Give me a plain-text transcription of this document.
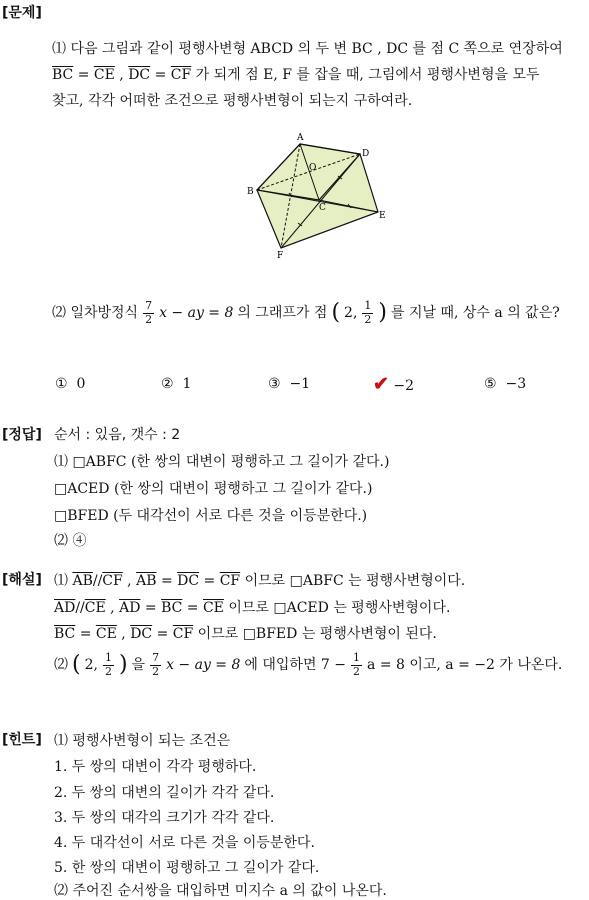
[문제]
⑴ 다음 그림과 같이 평행사변형 ABCD 의 두 변 BC , DC 를 점 C 쪽으로 연장하여
$\overline{BC} = \overline{CE}$ , $\overline{DC} = \overline{CF}$ 가 되게 점 E, F 를 잡을 때, 그림에서 평행사변형을 모두
찾고, 각각 어떠한 조건으로 평행사변형이 되는지 구하여라.
A
D
B
C
E
F
O
⑵ 일차방정식 $\frac{7}{2}$ x − ay = 8 의 그래프가 점 ( 2, $\frac{1}{2}$ ) 를 지날 때, 상수 a 의 값은?
① 0	② 1	③ −1	✔ −2	⑤ −3
[정답] 순서 : 있음, 갯수 : 2
⑴ □ABFC (한 쌍의 대변이 평행하고 그 길이가 같다.)
□ACED (한 쌍의 대변이 평행하고 그 길이가 같다.)
□BFED (두 대각선이 서로 다른 것을 이등분한다.)
⑵ ④
[해설] ⑴ $\overline{AB}//\overline{CF}$ , $\overline{AB} = \overline{DC} = \overline{CF}$ 이므로 □ABFC 는 평행사변형이다.
$\overline{AD}//\overline{CE}$ , $\overline{AD} = \overline{BC} = \overline{CE}$ 이므로 □ACED 는 평행사변형이다.
$\overline{BC} = \overline{CE}$ , $\overline{DC} = \overline{CF}$ 이므로 □BFED 는 평행사변형이 된다.
⑵ ( 2, $\frac{1}{2}$ ) 을 $\frac{7}{2}$ x − ay = 8 에 대입하면 $7 - \frac{1}{2}$ a = 8 이고, a = −2 가 나온다.
[힌트] ⑴ 평행사변형이 되는 조건은
1. 두 쌍의 대변이 각각 평행하다.
2. 두 쌍의 대변의 길이가 각각 같다.
3. 두 쌍의 대각의 크기가 각각 같다.
4. 두 대각선이 서로 다른 것을 이등분한다.
5. 한 쌍의 대변이 평행하고 그 길이가 같다.
⑵ 주어진 순서쌍을 대입하면 미지수 a 의 값이 나온다.
